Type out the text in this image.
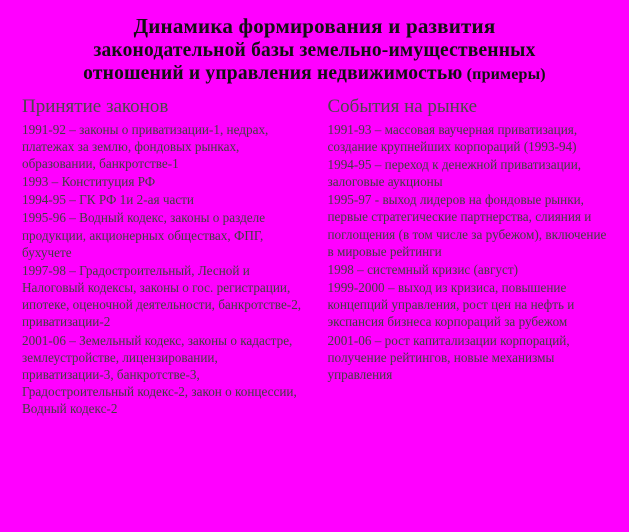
Динамика формирования и развития
законодательной базы земельно-имущественных
отношений и управления недвижимостью (примеры)
Принятие законов
1991-92 – законы о приватизации-1, недрах, платежах за землю, фондовых рынках, образовании, банкротстве-1
1993 – Конституция РФ
1994-95 – ГК РФ 1и 2-ая части
1995-96 – Водный кодекс, законы о разделе продукции, акционерных обществах, ФПГ, бухучете
1997-98 – Градостроительный, Лесной и Налоговый кодексы, законы о гос. регистрации, ипотеке, оценочной деятельности, банкротстве-2, приватизации-2
2001-06 – Земельный кодекс, законы о кадастре, землеустройстве, лицензировании, приватизации-3, банкротстве-3, Градостроительный кодекс-2, закон о концессии, Водный кодекс-2
События на рынке
1991-93 – массовая ваучерная приватизация, создание крупнейших корпораций (1993-94)
1994-95 – переход к денежной приватизации, залоговые аукционы
1995-97 - выход лидеров на фондовые рынки, первые стратегические партнерства, слияния и поглощения (в том числе за рубежом), включение в мировые рейтинги
1998 – системный кризис (август)
1999-2000 – выход из кризиса, повышение концепций управления, рост цен на нефть и экспансия бизнеса корпораций за рубежом
2001-06 – рост капитализации корпораций, получение рейтингов, новые механизмы управления
